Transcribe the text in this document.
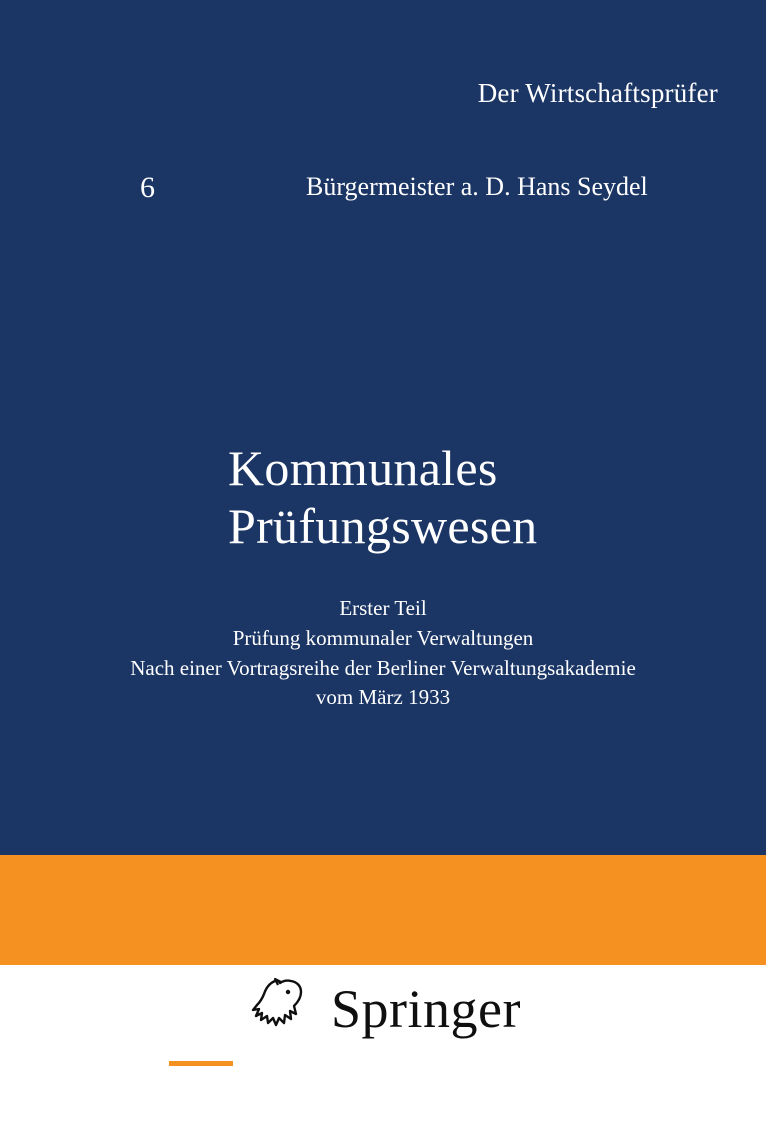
Der Wirtschaftsprüfer
6	Bürgermeister a. D. Hans Seydel
Kommunales
Prüfungswesen
Erster Teil
Prüfung kommunaler Verwaltungen
Nach einer Vortragsreihe der Berliner Verwaltungsakademie
vom März 1933
Springer
